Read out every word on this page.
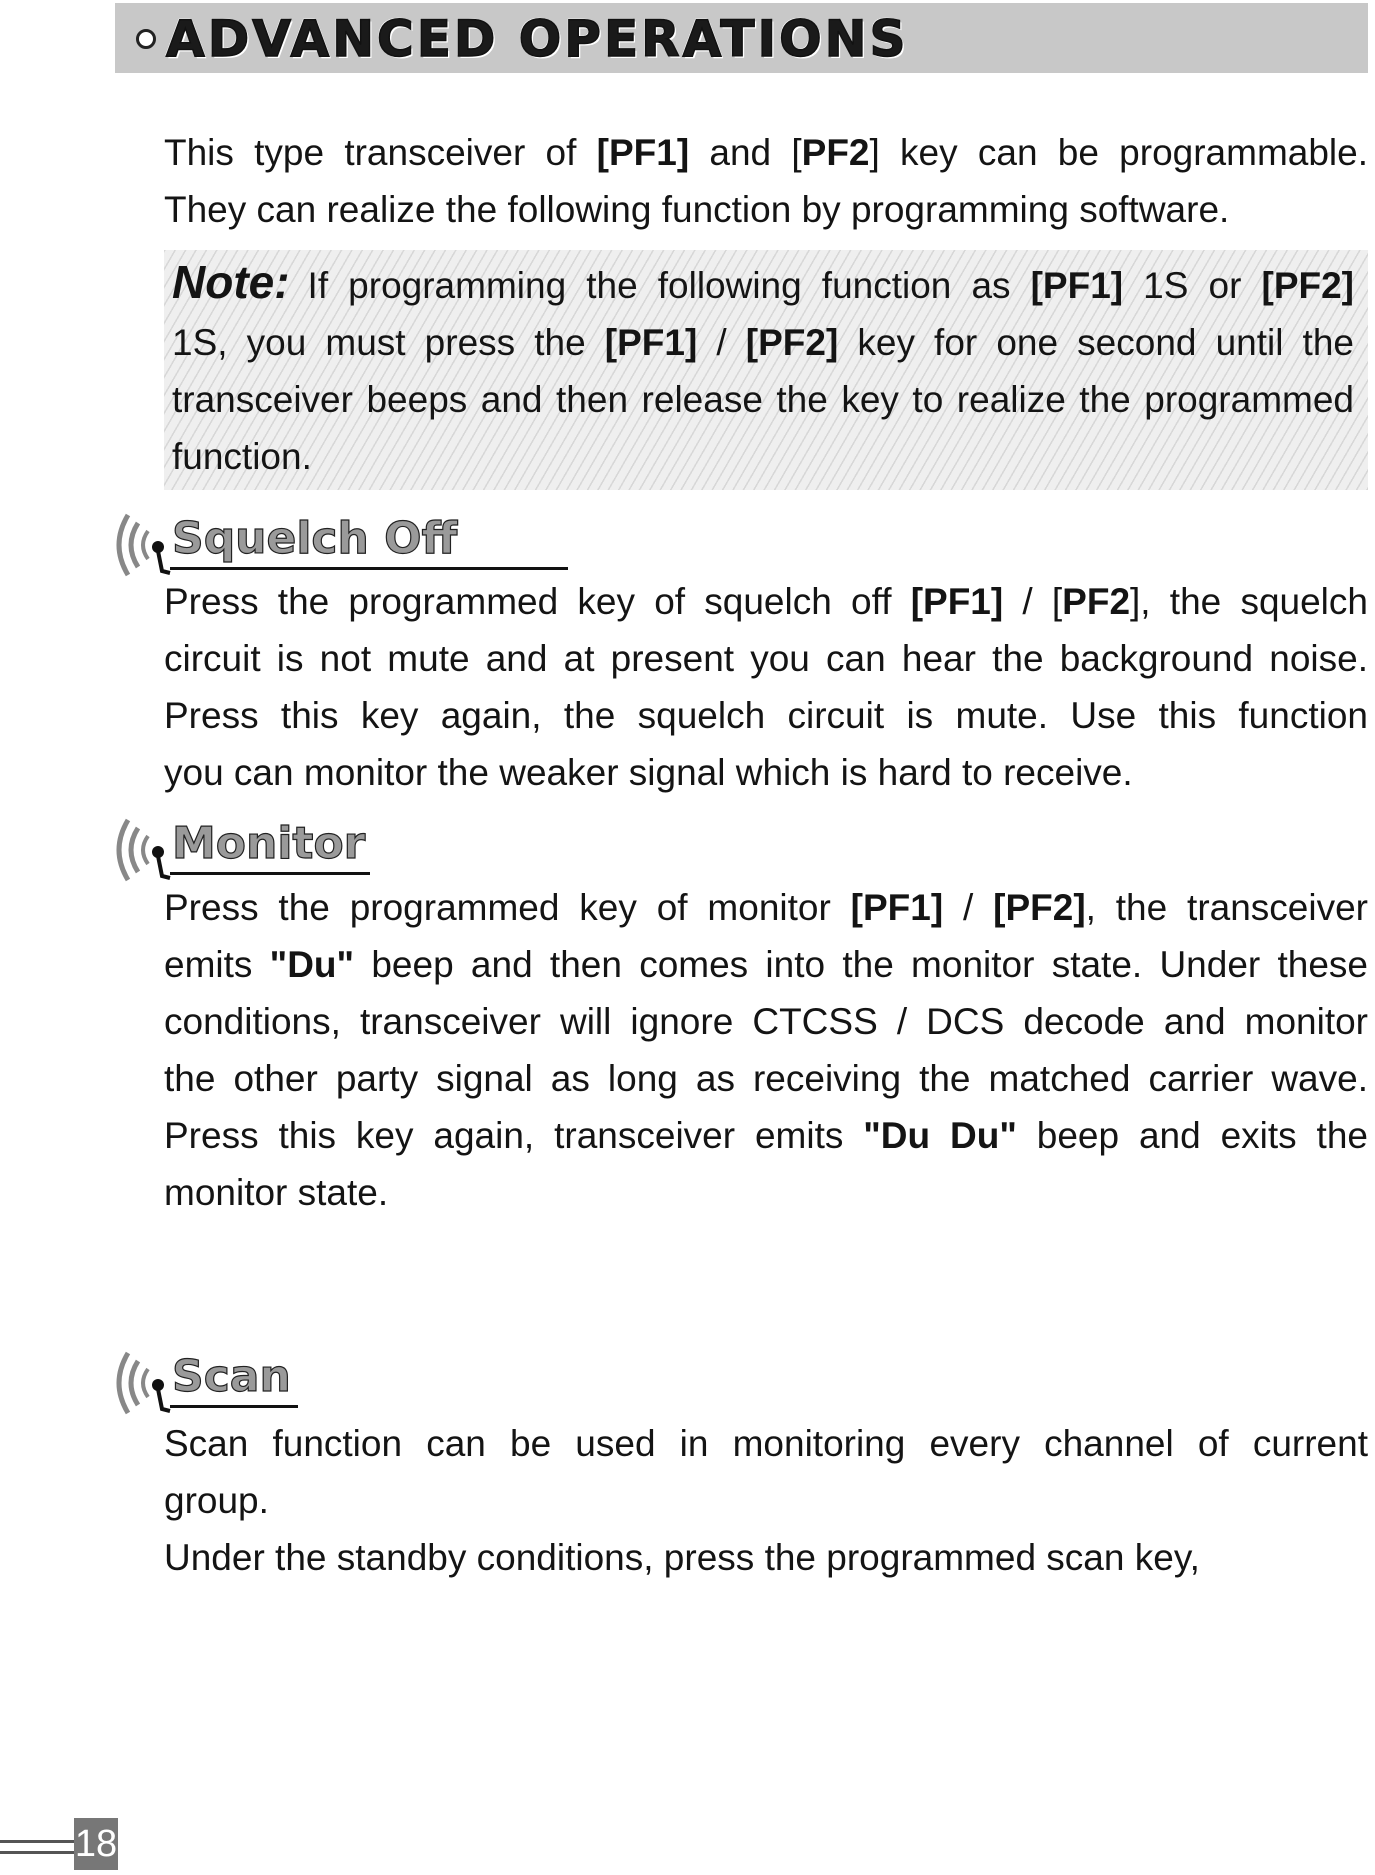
ADVANCED OPERATIONS
This type transceiver of [PF1] and [PF2] key can be programmable.
They can realize the following function by programming software.
Note: If programming the following function as [PF1] 1S or [PF2]
1S, you must press the [PF1] / [PF2] key for one second until the
transceiver beeps and then release the key to realize the programmed
function.
Squelch Off
Press the programmed key of squelch off [PF1] / [PF2], the squelch
circuit is not mute and at present you can hear the background noise.
Press this key again, the squelch circuit is mute. Use this function
you can monitor the weaker signal which is hard to receive.
Monitor
Press the programmed key of monitor [PF1] / [PF2], the transceiver
emits "Du" beep and then comes into the monitor state. Under these
conditions, transceiver will ignore CTCSS / DCS decode and monitor
the other party signal as long as receiving the matched carrier wave.
Press this key again, transceiver emits "Du Du" beep and exits the
monitor state.
Scan
Scan function can be used in monitoring every channel of current
group.
Under the standby conditions, press the programmed scan key,
18
